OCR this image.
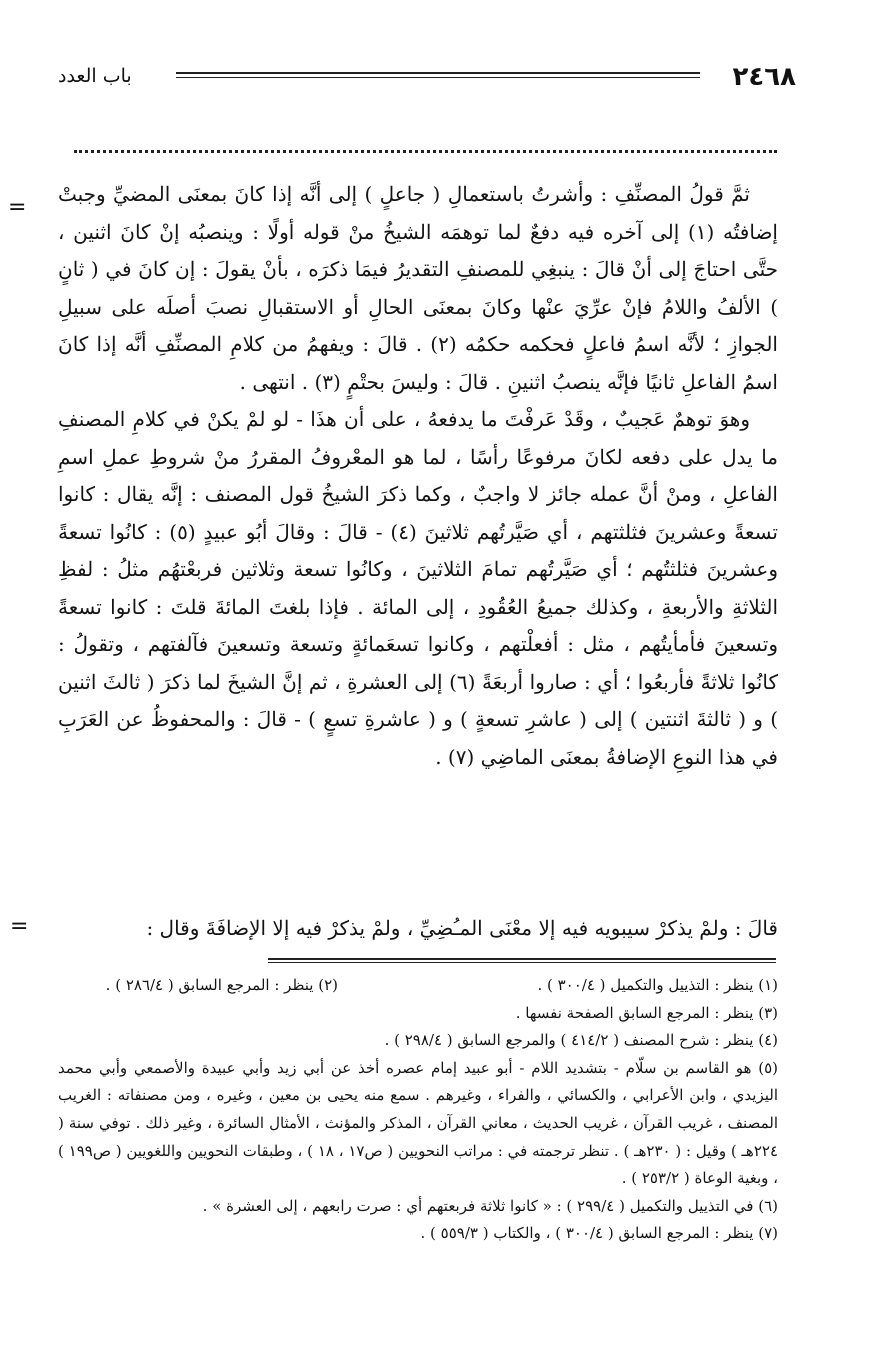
٢٤٦٨
باب العدد
=

ثمَّ قولُ المصنِّفِ : وأشرتُ باستعمالِ ( جاعلٍ ) إلى أنَّه إذا كانَ بمعنَى المضيِّ وجبتْ إضافتُه (١) إلى آخره فيه دفعٌ لما توهمَه الشيخُ منْ قوله أولًا : وينصبُه إنْ كانَ اثنين ، حتَّى احتاجَ إلى أنْ قالَ : ينبغِي للمصنفِ التقديرُ فيمَا ذكرَه ، بأنْ يقولَ : إن كانَ في ( ثانٍ ) الألفُ واللامُ فإنْ عرِّيَ عنْها وكانَ بمعنَى الحالِ أو الاستقبالِ نصبَ أصلَه على سبيلِ الجوازِ ؛ لأنَّه اسمُ فاعلٍ فحكمه حكمُه (٢) . قالَ : ويفهمُ من كلامِ المصنِّفِ أنَّه إذا كانَ اسمُ الفاعلِ ثانيًا فإنَّه ينصبُ اثنينِ . قالَ : وليسَ بحتْمٍ (٣) . انتهى .

وهوَ توهمٌ عَجيبٌ ، وقَدْ عَرفْتَ ما يدفعهُ ، على أن هذَا - لو لمْ يكنْ في كلامِ المصنفِ ما يدل على دفعه لكانَ مرفوعًا رأسًا ، لما هو المعْروفُ المقررُ منْ شروطِ عملِ اسمِ الفاعلِ ، ومنْ أنَّ عمله جائز لا واجبٌ ، وكما ذكرَ الشيخُ قول المصنف : إنَّه يقال : كانوا تسعةً وعشرينَ فثلثتهم ، أي صَيَّرتُهم ثلاثينَ (٤) - قالَ : وقالَ أبُو عبيدٍ (٥) : كانُوا تسعةً وعشرينَ فثلثتُهم ؛ أي صَيَّرتُهم تمامَ الثلاثينَ ، وكانُوا تسعة وثلاثين فربعْتهُم مثلُ : لفظِ الثلاثةِ والأربعةِ ، وكذلك جميعُ العُقُودِ ، إلى المائة . فإذا بلغتَ المائةَ قلتَ : كانوا تسعةً وتسعينَ فأمأيتُهم ، مثل : أفعلْتهم ، وكانوا تسعَمائةٍ وتسعة وتسعينَ فآلفتهم ، وتقولُ : كانُوا ثلاثةً فأربعُوا ؛ أي : صاروا أربعَةً (٦) إلى العشرةِ ، ثم إنَّ الشيخَ لما ذكرَ ( ثالثَ اثنين ) و ( ثالثةَ اثنتين ) إلى ( عاشرِ تسعةٍ ) و ( عاشرةِ تسعٍ ) - قالَ : والمحفوظُ عن العَرَبِ في هذا النوعِ الإضافةُ بمعنَى الماضِي (٧) .

قالَ : ولمْ يذكرْ سيبويه فيه إلا معْنَى المـُضِيِّ ، ولمْ يذكرْ فيه إلا الإضافَةَ وقال :
=

(١) ينظر : التذييل والتكميل ( ٣٠٠/٤ ) .

(٢) ينظر : المرجع السابق ( ٢٨٦/٤ ) .

(٣) ينظر : المرجع السابق الصفحة نفسها .

(٤) ينظر : شرح المصنف ( ٤١٤/٢ ) والمرجع السابق ( ٢٩٨/٤ ) .

(٥) هو القاسم بن سلّام - بتشديد اللام - أبو عبيد إمام عصره أخذ عن أبي زيد وأبي عبيدة والأصمعي وأبي محمد اليزيدي ، وابن الأعرابي ، والكسائي ، والفراء ، وغيرهم . سمع منه يحيى بن معين ، وغيره ، ومن مصنفاته : الغريب المصنف ، غريب القرآن ، غريب الحديث ، معاني القرآن ، المذكر والمؤنث ، الأمثال السائرة ، وغير ذلك . توفي سنة ( ٢٢٤هـ ) وقيل : ( ٢٣٠هـ ) . تنظر ترجمته في : مراتب النحويين ( ص١٧ ، ١٨ ) ، وطبقات النحويين واللغويين ( ص١٩٩ ) ، وبغية الوعاة ( ٢٥٣/٢ ) .

(٦) في التذييل والتكميل ( ٢٩٩/٤ ) : « كانوا ثلاثة فربعتهم أي : صرت رابعهم ، إلى العشرة » .

(٧) ينظر : المرجع السابق ( ٣٠٠/٤ ) ، والكتاب ( ٥٥٩/٣ ) .
